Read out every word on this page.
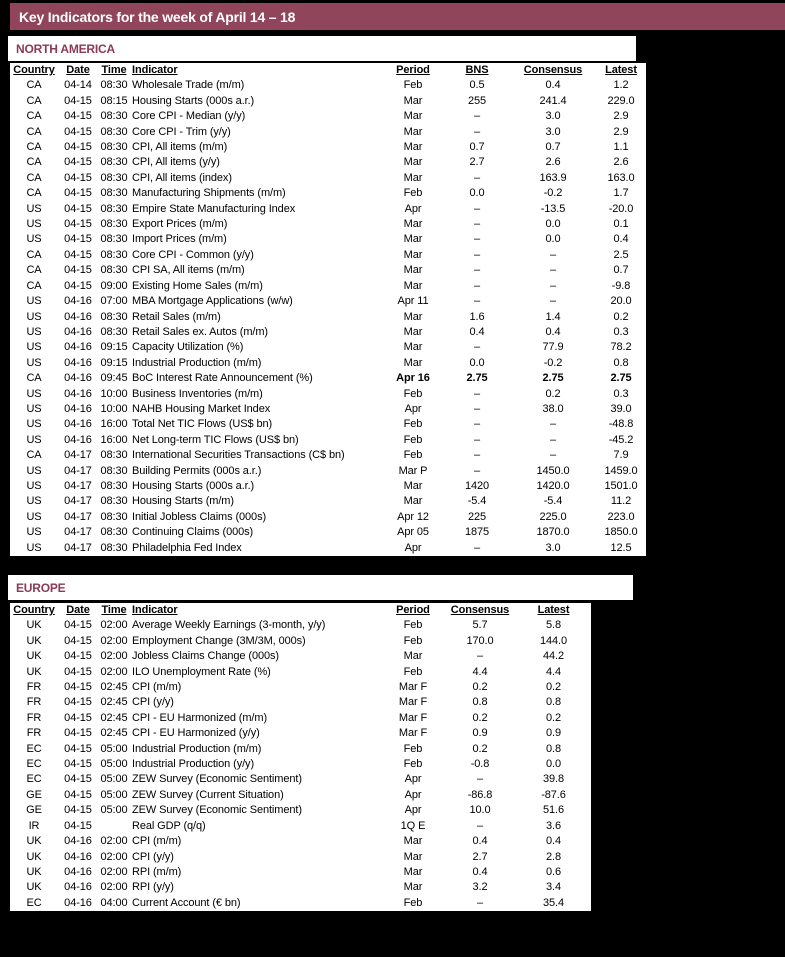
Key Indicators for the week of April 14 – 18
NORTH AMERICA
Country	Date	Time	Indicator	Period	BNS	Consensus	Latest
CA	04-14	08:30	Wholesale Trade (m/m)	Feb	0.5	0.4	1.2
CA	04-15	08:15	Housing Starts (000s a.r.)	Mar	255	241.4	229.0
CA	04-15	08:30	Core CPI - Median (y/y)	Mar	–	3.0	2.9
CA	04-15	08:30	Core CPI - Trim (y/y)	Mar	–	3.0	2.9
CA	04-15	08:30	CPI, All items (m/m)	Mar	0.7	0.7	1.1
CA	04-15	08:30	CPI, All items (y/y)	Mar	2.7	2.6	2.6
CA	04-15	08:30	CPI, All items (index)	Mar	–	163.9	163.0
CA	04-15	08:30	Manufacturing Shipments (m/m)	Feb	0.0	-0.2	1.7
US	04-15	08:30	Empire State Manufacturing Index	Apr	–	-13.5	-20.0
US	04-15	08:30	Export Prices (m/m)	Mar	–	0.0	0.1
US	04-15	08:30	Import Prices (m/m)	Mar	–	0.0	0.4
CA	04-15	08:30	Core CPI - Common (y/y)	Mar	–	–	2.5
CA	04-15	08:30	CPI SA, All items (m/m)	Mar	–	–	0.7
CA	04-15	09:00	Existing Home Sales (m/m)	Mar	–	–	-9.8
US	04-16	07:00	MBA Mortgage Applications (w/w)	Apr 11	–	–	20.0
US	04-16	08:30	Retail Sales (m/m)	Mar	1.6	1.4	0.2
US	04-16	08:30	Retail Sales ex. Autos (m/m)	Mar	0.4	0.4	0.3
US	04-16	09:15	Capacity Utilization (%)	Mar	–	77.9	78.2
US	04-16	09:15	Industrial Production (m/m)	Mar	0.0	-0.2	0.8
CA	04-16	09:45	BoC Interest Rate Announcement (%)	Apr 16	2.75	2.75	2.75
US	04-16	10:00	Business Inventories (m/m)	Feb	–	0.2	0.3
US	04-16	10:00	NAHB Housing Market Index	Apr	–	38.0	39.0
US	04-16	16:00	Total Net TIC Flows (US$ bn)	Feb	–	–	-48.8
US	04-16	16:00	Net Long-term TIC Flows (US$ bn)	Feb	–	–	-45.2
CA	04-17	08:30	International Securities Transactions (C$ bn)	Feb	–	–	7.9
US	04-17	08:30	Building Permits (000s a.r.)	Mar P	–	1450.0	1459.0
US	04-17	08:30	Housing Starts (000s a.r.)	Mar	1420	1420.0	1501.0
US	04-17	08:30	Housing Starts (m/m)	Mar	-5.4	-5.4	11.2
US	04-17	08:30	Initial Jobless Claims (000s)	Apr 12	225	225.0	223.0
US	04-17	08:30	Continuing Claims (000s)	Apr 05	1875	1870.0	1850.0
US	04-17	08:30	Philadelphia Fed Index	Apr	–	3.0	12.5
EUROPE
Country	Date	Time	Indicator	Period	Consensus	Latest
UK	04-15	02:00	Average Weekly Earnings (3-month, y/y)	Feb	5.7	5.8
UK	04-15	02:00	Employment Change (3M/3M, 000s)	Feb	170.0	144.0
UK	04-15	02:00	Jobless Claims Change (000s)	Mar	–	44.2
UK	04-15	02:00	ILO Unemployment Rate (%)	Feb	4.4	4.4
FR	04-15	02:45	CPI (m/m)	Mar F	0.2	0.2
FR	04-15	02:45	CPI (y/y)	Mar F	0.8	0.8
FR	04-15	02:45	CPI - EU Harmonized (m/m)	Mar F	0.2	0.2
FR	04-15	02:45	CPI - EU Harmonized (y/y)	Mar F	0.9	0.9
EC	04-15	05:00	Industrial Production (m/m)	Feb	0.2	0.8
EC	04-15	05:00	Industrial Production (y/y)	Feb	-0.8	0.0
EC	04-15	05:00	ZEW Survey (Economic Sentiment)	Apr	–	39.8
GE	04-15	05:00	ZEW Survey (Current Situation)	Apr	-86.8	-87.6
GE	04-15	05:00	ZEW Survey (Economic Sentiment)	Apr	10.0	51.6
IR	04-15		Real GDP (q/q)	1Q E	–	3.6
UK	04-16	02:00	CPI (m/m)	Mar	0.4	0.4
UK	04-16	02:00	CPI (y/y)	Mar	2.7	2.8
UK	04-16	02:00	RPI (m/m)	Mar	0.4	0.6
UK	04-16	02:00	RPI (y/y)	Mar	3.2	3.4
EC	04-16	04:00	Current Account (€ bn)	Feb	–	35.4
